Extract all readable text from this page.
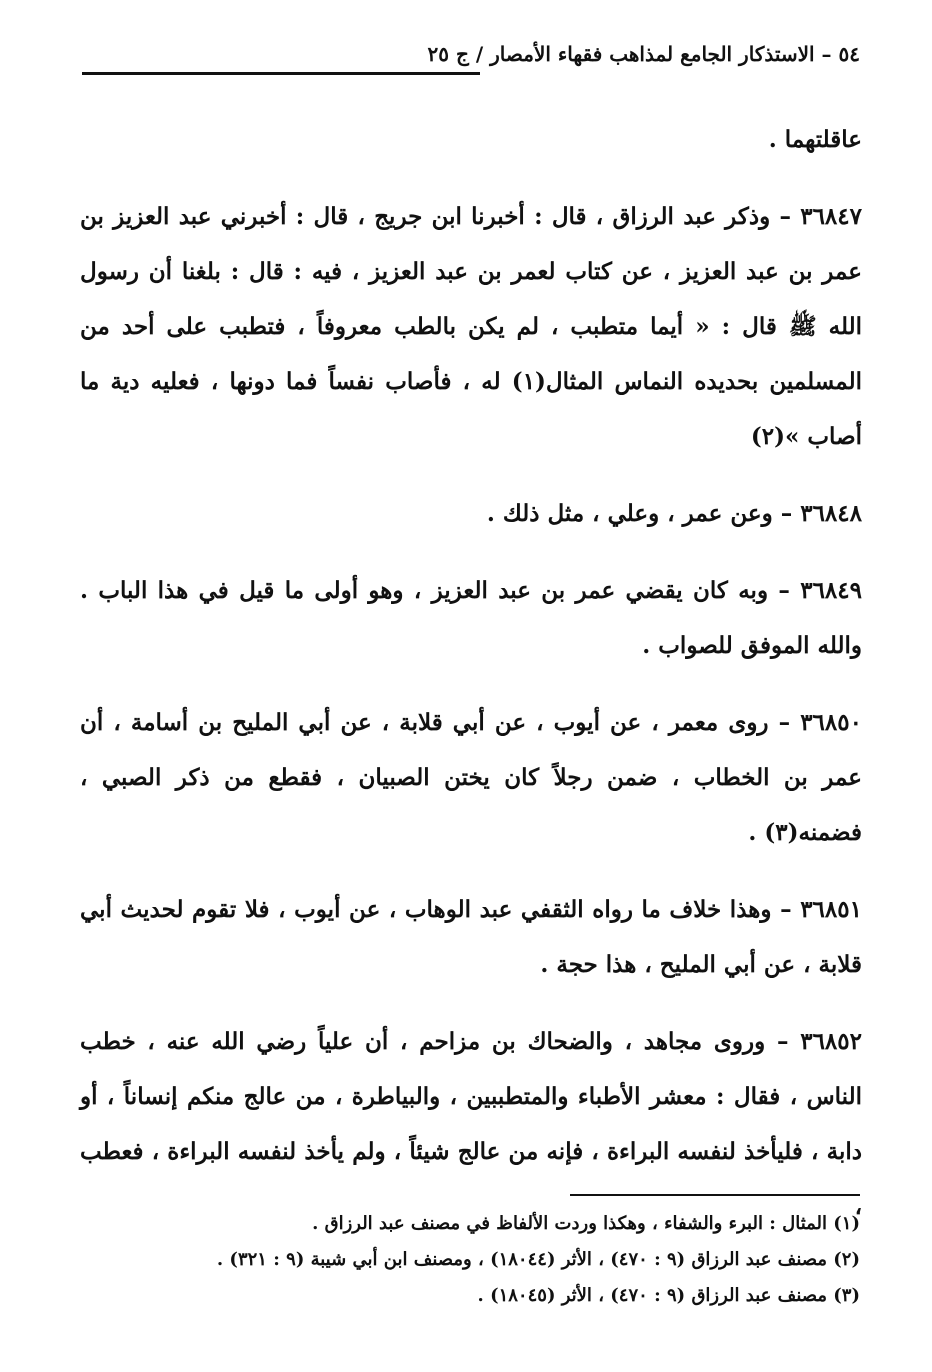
٥٤ – الاستذكار الجامع لمذاهب فقهاء الأمصار / ج ٢٥

عاقلتهما .

٣٦٨٤٧ – وذكر عبد الرزاق ، قال : أخبرنا ابن جريج ، قال : أخبرني عبد العزيز بن عمر بن عبد العزيز ، عن كتاب لعمر بن عبد العزيز ، فيه : قال : بلغنا أن رسول الله ﷺ قال : « أيما متطبب ، لم يكن بالطب معروفاً ، فتطبب على أحد من المسلمين بحديده النماس المثال(١) له ، فأصاب نفساً فما دونها ، فعليه دية ما أصاب »(٢)

٣٦٨٤٨ – وعن عمر ، وعلي ، مثل ذلك .

٣٦٨٤٩ – وبه كان يقضي عمر بن عبد العزيز ، وهو أولى ما قيل في هذا الباب . والله الموفق للصواب .

٣٦٨٥٠ – روى معمر ، عن أيوب ، عن أبي قلابة ، عن أبي المليح بن أسامة ، أن عمر بن الخطاب ، ضمن رجلاً كان يختن الصبيان ، فقطع من ذكر الصبي ، فضمنه(٣) .

٣٦٨٥١ – وهذا خلاف ما رواه الثقفي عبد الوهاب ، عن أيوب ، فلا تقوم لحديث أبي قلابة ، عن أبي المليح ، هذا حجة .

٣٦٨٥٢ – وروى مجاهد ، والضحاك بن مزاحم ، أن علياً رضي الله عنه ، خطب الناس ، فقال : معشر الأطباء والمتطببين ، والبياطرة ، من عالج منكم إنساناً ، أو دابة ، فليأخذ لنفسه البراءة ، فإنه من عالج شيئاً ، ولم يأخذ لنفسه البراءة ، فعطب ،

(١) المثال : البرء والشفاء ، وهكذا وردت الألفاظ في مصنف عبد الرزاق .

(٢) مصنف عبد الرزاق (٩ : ٤٧٠) ، الأثر (١٨٠٤٤) ، ومصنف ابن أبي شيبة (٩ : ٣٢١) .

(٣) مصنف عبد الرزاق (٩ : ٤٧٠) ، الأثر (١٨٠٤٥) .
